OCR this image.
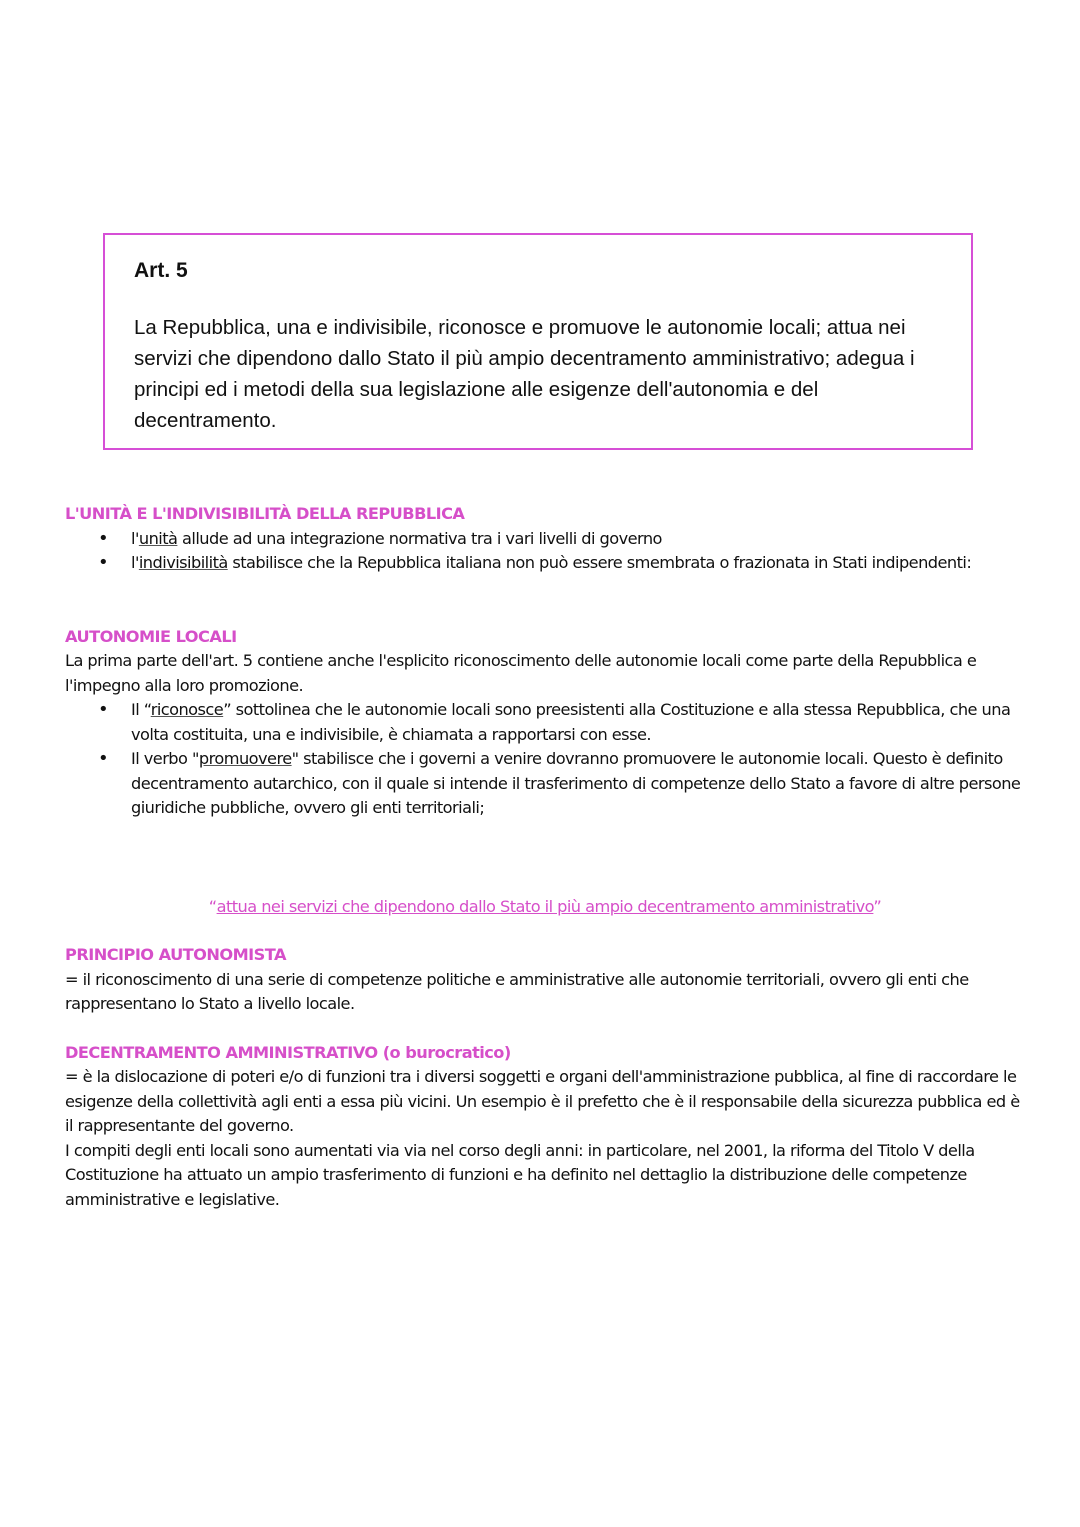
Art. 5

La Repubblica, una e indivisibile, riconosce e promuove le autonomie locali; attua nei servizi che dipendono dallo Stato il più ampio decentramento amministrativo; adegua i principi ed i metodi della sua legislazione alle esigenze dell'autonomia e del decentramento.

L'UNITÀ E L'INDIVISIBILITÀ DELLA REPUBBLICA

• l'unità allude ad una integrazione normativa tra i vari livelli di governo
• l'indivisibilità stabilisce che la Repubblica italiana non può essere smembrata o frazionata in Stati indipendenti:

AUTONOMIE LOCALI

La prima parte dell'art. 5 contiene anche l'esplicito riconoscimento delle autonomie locali come parte della Repubblica e l'impegno alla loro promozione.

• Il “riconosce” sottolinea che le autonomie locali sono preesistenti alla Costituzione e alla stessa Repubblica, che una volta costituita, una e indivisibile, è chiamata a rapportarsi con esse.
• Il verbo "promuovere" stabilisce che i governi a venire dovranno promuovere le autonomie locali. Questo è definito decentramento autarchico, con il quale si intende il trasferimento di competenze dello Stato a favore di altre persone giuridiche pubbliche, ovvero gli enti territoriali;

“attua nei servizi che dipendono dallo Stato il più ampio decentramento amministrativo”

PRINCIPIO AUTONOMISTA

= il riconoscimento di una serie di competenze politiche e amministrative alle autonomie territoriali, ovvero gli enti che rappresentano lo Stato a livello locale.

DECENTRAMENTO AMMINISTRATIVO (o burocratico)

= è la dislocazione di poteri e/o di funzioni tra i diversi soggetti e organi dell'amministrazione pubblica, al fine di raccordare le esigenze della collettività agli enti a essa più vicini. Un esempio è il prefetto che è il responsabile della sicurezza pubblica ed è il rappresentante del governo.

I compiti degli enti locali sono aumentati via via nel corso degli anni: in particolare, nel 2001, la riforma del Titolo V della Costituzione ha attuato un ampio trasferimento di funzioni e ha definito nel dettaglio la distribuzione delle competenze amministrative e legislative.
